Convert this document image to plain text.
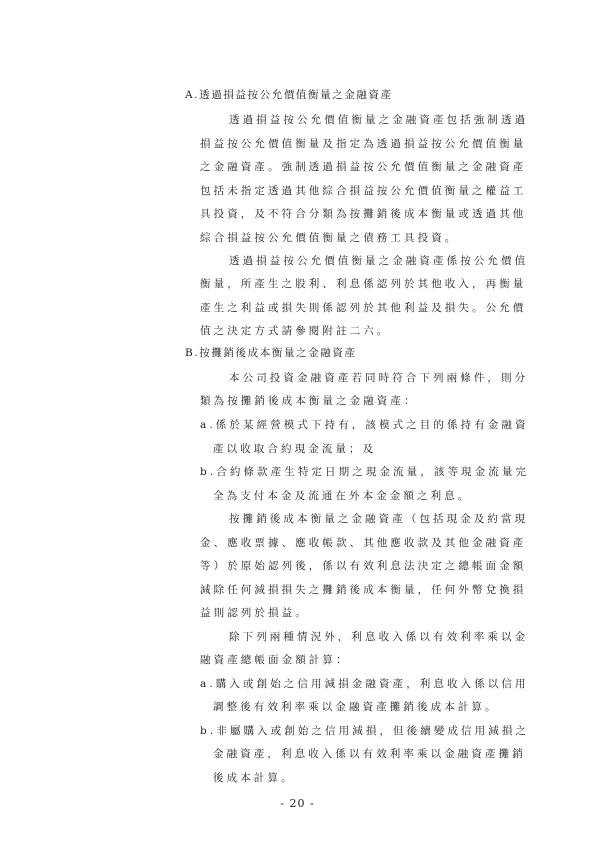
A.透過損益按公允價值衡量之金融資產
透過損益按公允價值衡量之金融資產包括強制透過
損益按公允價值衡量及指定為透過損益按公允價值衡量
之金融資產。強制透過損益按公允價值衡量之金融資產
包括未指定透過其他綜合損益按公允價值衡量之權益工
具投資，及不符合分類為按攤銷後成本衡量或透過其他
綜合損益按公允價值衡量之債務工具投資。
透過損益按公允價值衡量之金融資產係按公允價值
衡量，所產生之股利、利息係認列於其他收入，再衡量
產生之利益或損失則係認列於其他利益及損失。公允價
值之決定方式請參閱附註二六。
B.按攤銷後成本衡量之金融資產
本公司投資金融資產若同時符合下列兩條件，則分
類為按攤銷後成本衡量之金融資產：
a.係於某經營模式下持有，該模式之目的係持有金融資
產以收取合約現金流量；及
b.合約條款產生特定日期之現金流量，該等現金流量完
全為支付本金及流通在外本金金額之利息。
按攤銷後成本衡量之金融資產（包括現金及約當現
金、應收票據、應收帳款、其他應收款及其他金融資產
等）於原始認列後，係以有效利息法決定之總帳面金額
減除任何減損損失之攤銷後成本衡量，任何外幣兌換損
益則認列於損益。
除下列兩種情況外，利息收入係以有效利率乘以金
融資產總帳面金額計算：
a.購入或創始之信用減損金融資產，利息收入係以信用
調整後有效利率乘以金融資產攤銷後成本計算。
b.非屬購入或創始之信用減損，但後續變成信用減損之
金融資產，利息收入係以有效利率乘以金融資產攤銷
後成本計算。
- 20 -
